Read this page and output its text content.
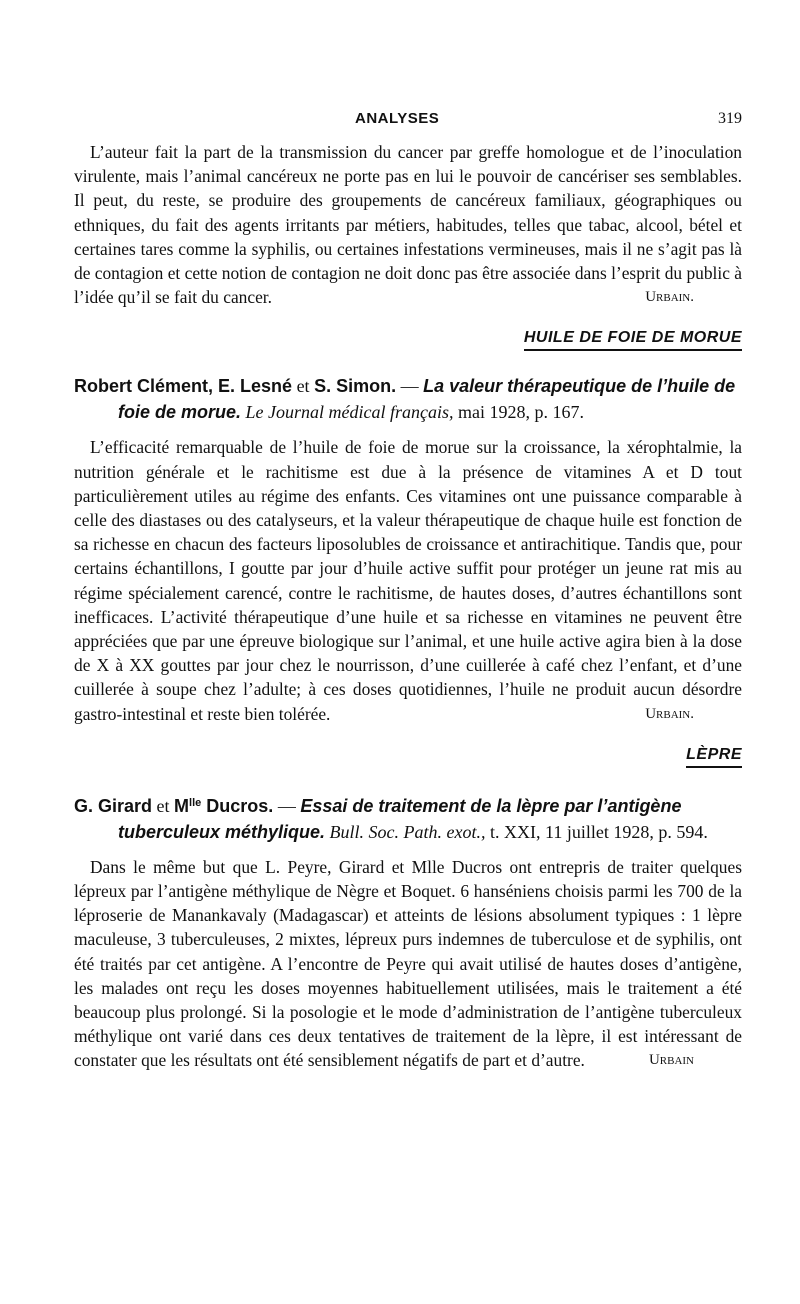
ANALYSES	319

L’auteur fait la part de la transmission du cancer par greffe homologue et de l’inoculation virulente, mais l’animal cancéreux ne porte pas en lui le pouvoir de cancériser ses semblables. Il peut, du reste, se produire des groupements de cancéreux familiaux, géographiques ou ethniques, du fait des agents irritants par métiers, habitudes, telles que tabac, alcool, bétel et certaines tares comme la syphilis, ou certaines infestations vermineuses, mais il ne s’agit pas là de contagion et cette notion de contagion ne doit donc pas être associée dans l’esprit du public à l’idée qu’il se fait du cancer.	Urbain.

HUILE DE FOIE DE MORUE
Robert Clément, E. Lesné et S. Simon. — La valeur thérapeutique de l’huile de foie de morue. Le Journal médical français, mai 1928, p. 167.

L’efficacité remarquable de l’huile de foie de morue sur la croissance, la xérophtalmie, la nutrition générale et le rachitisme est due à la présence de vitamines A et D tout particulièrement utiles au régime des enfants. Ces vitamines ont une puissance comparable à celle des diastases ou des catalyseurs, et la valeur thérapeutique de chaque huile est fonction de sa richesse en chacun des facteurs liposolubles de croissance et antirachitique. Tandis que, pour certains échantillons, I goutte par jour d’huile active suffit pour protéger un jeune rat mis au régime spécialement carencé, contre le rachitisme, de hautes doses, d’autres échantillons sont inefficaces. L’activité thérapeutique d’une huile et sa richesse en vitamines ne peuvent être appréciées que par une épreuve biologique sur l’animal, et une huile active agira bien à la dose de X à XX gouttes par jour chez le nourrisson, d’une cuillerée à café chez l’enfant, et d’une cuillerée à soupe chez l’adulte; à ces doses quotidiennes, l’huile ne produit aucun désordre gastro-intestinal et reste bien tolérée.	Urbain.

LÈPRE
G. Girard et $M^{lle}$ Ducros. — Essai de traitement de la lèpre par l’antigène tuberculeux méthylique. Bull. Soc. Path. exot., t. XXI, 11 juillet 1928, p. 594.

Dans le même but que L. Peyre, Girard et Mlle Ducros ont entrepris de traiter quelques lépreux par l’antigène méthylique de Nègre et Boquet. 6 hanséniens choisis parmi les 700 de la léproserie de Manankavaly (Madagascar) et atteints de lésions absolument typiques : 1 lèpre maculeuse, 3 tuberculeuses, 2 mixtes, lépreux purs indemnes de tuberculose et de syphilis, ont été traités par cet antigène. A l’encontre de Peyre qui avait utilisé de hautes doses d’antigène, les malades ont reçu les doses moyennes habituellement utilisées, mais le traitement a été beaucoup plus prolongé. Si la posologie et le mode d’administration de l’antigène tuberculeux méthylique ont varié dans ces deux tentatives de traitement de la lèpre, il est intéressant de constater que les résultats ont été sensiblement négatifs de part et d’autre.	Urbain
